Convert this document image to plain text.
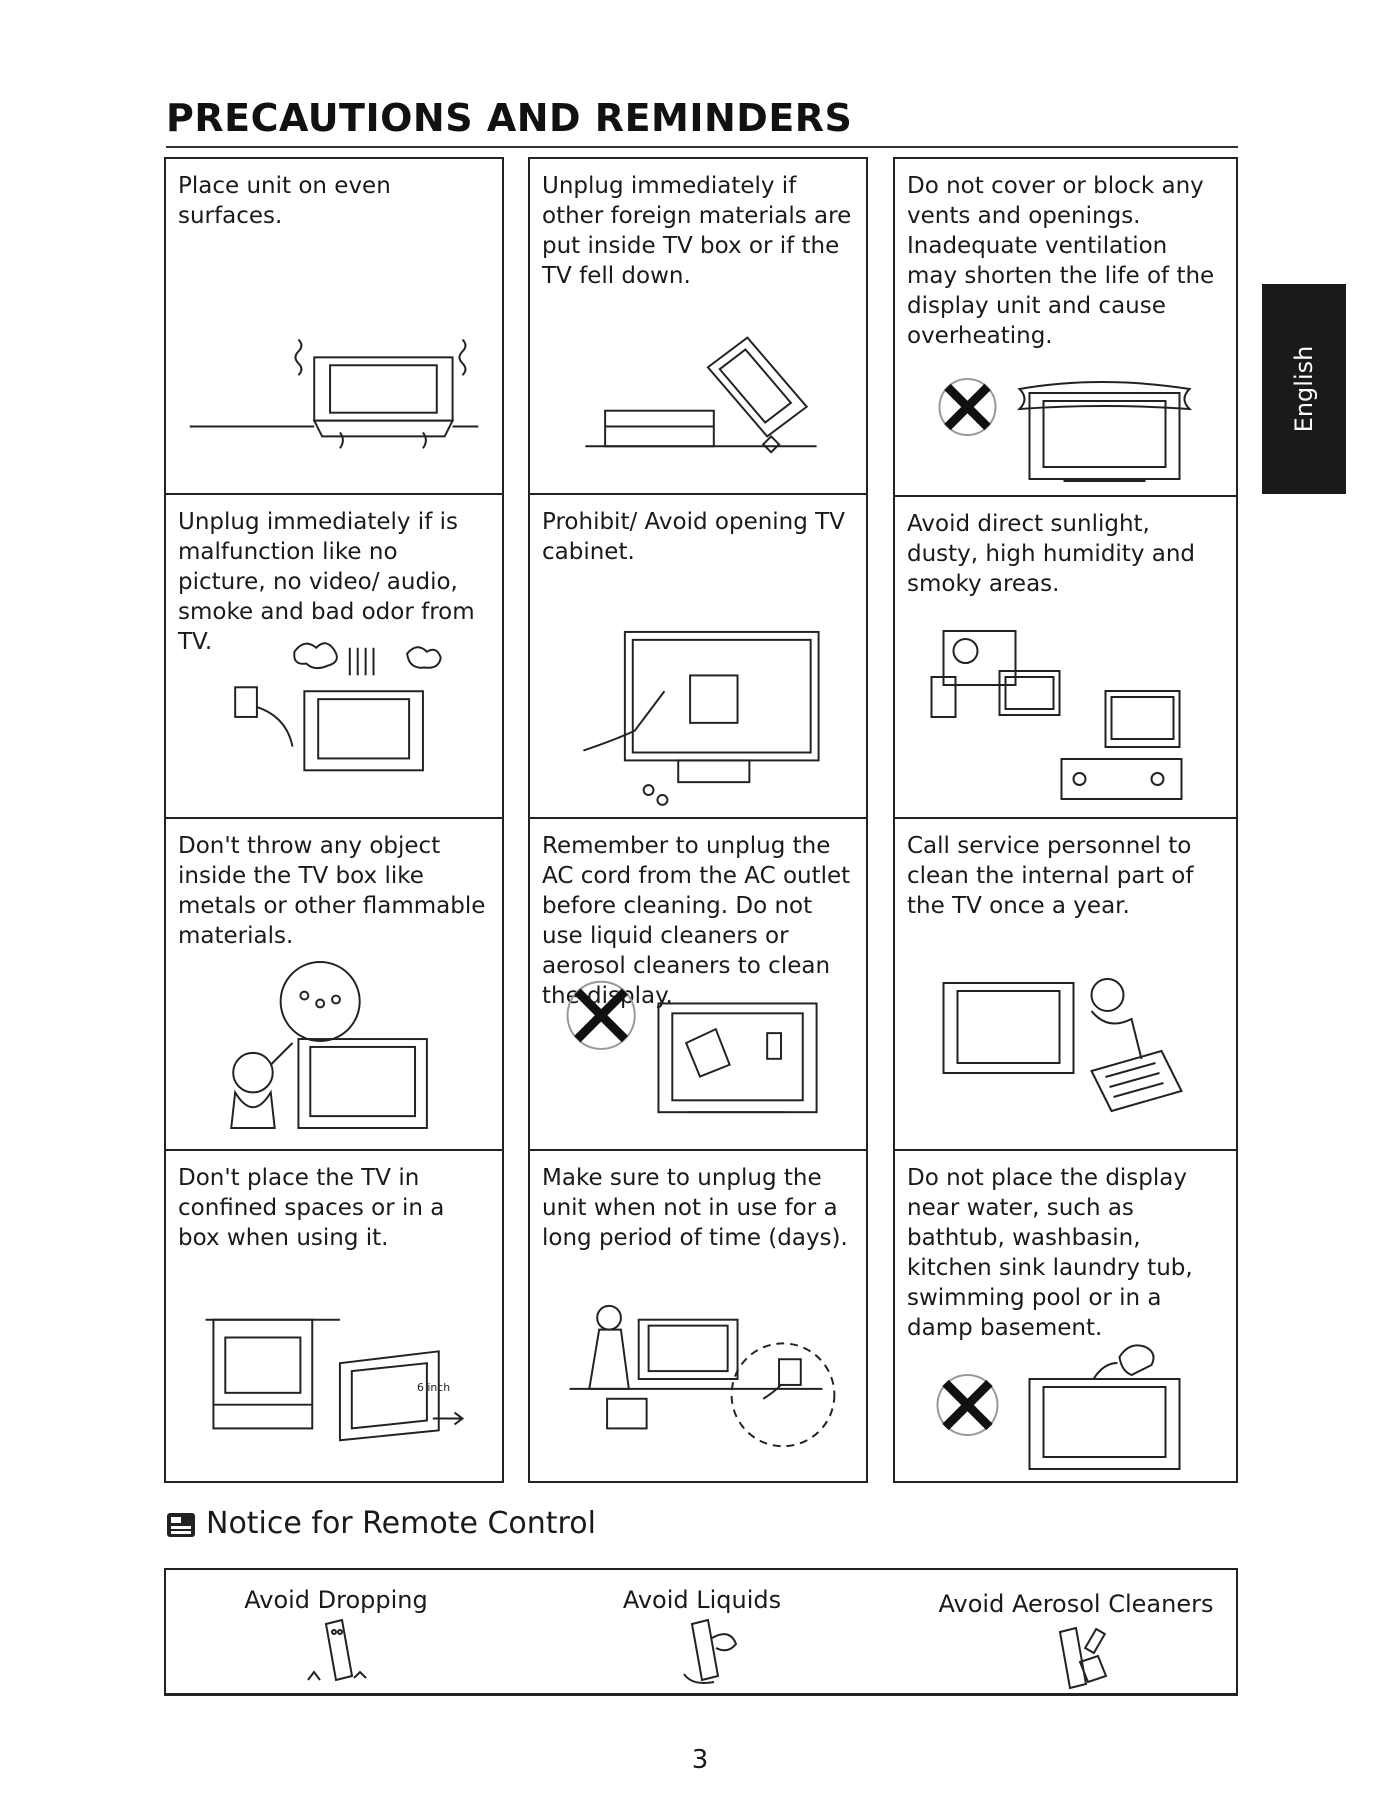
PRECAUTIONS AND REMINDERS
English

Place unit on even surfaces.

Unplug immediately if is malfunction like no picture, no video/ audio, smoke and bad odor from TV.

Don't throw any object inside the TV box like metals or other flammable materials.

Don't place the TV in confined spaces or in a box when using it.

6 inch

Unplug immediately if other foreign materials are put inside TV box or if the TV fell down.

Prohibit/ Avoid opening TV cabinet.

Remember to unplug the AC cord from the AC outlet before cleaning. Do not use liquid cleaners or aerosol cleaners to clean the display.

Make sure to unplug the unit when not in use for a long period of time (days).

Do not cover or block any vents and openings. Inadequate ventilation may shorten the life of the display unit and cause overheating.

Avoid direct sunlight, dusty, high humidity and smoky areas.

Call service personnel to clean the internal part of the TV once a year.

Do not place the display near water, such as bathtub, washbasin, kitchen sink laundry tub, swimming pool or in a damp basement.

Notice for Remote Control
Avoid Dropping	Avoid Liquids	Avoid Aerosol Cleaners
3
